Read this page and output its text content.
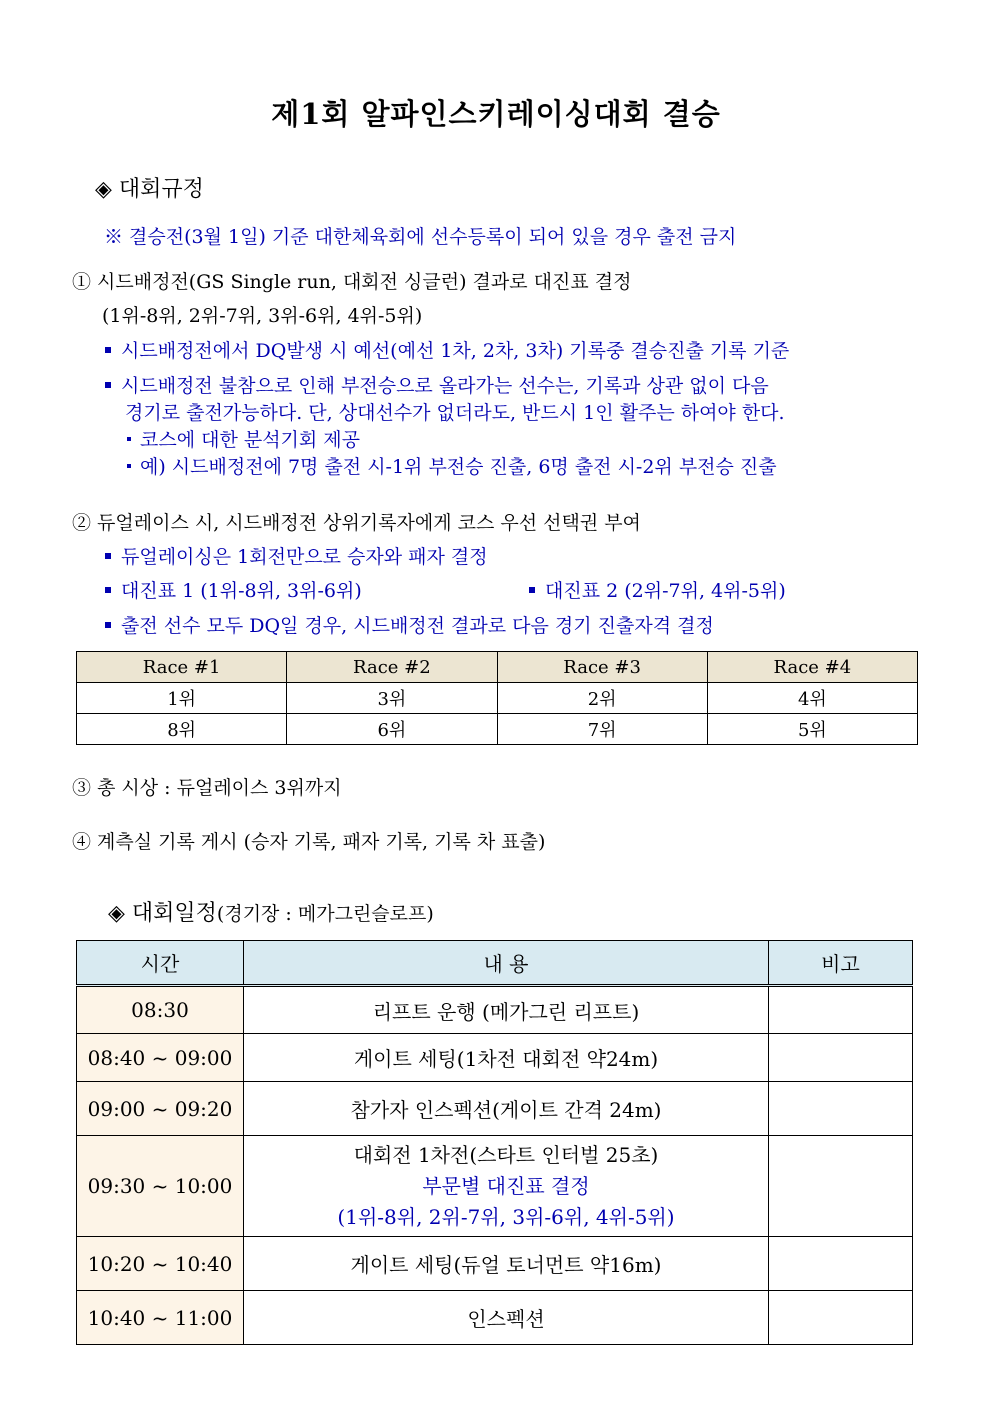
제1회 알파인스키레이싱대회 결승
◈ 대회규정
※ 결승전(3월 1일) 기준 대한체육회에 선수등록이 되어 있을 경우 출전 금지
① 시드배정전(GS Single run, 대회전 싱글런) 결과로 대진표 결정
(1위-8위, 2위-7위, 3위-6위, 4위-5위)
시드배정전에서 DQ발생 시 예선(예선 1차, 2차, 3차) 기록중 결승진출 기록 기준
시드배정전 불참으로 인해 부전승으로 올라가는 선수는, 기록과 상관 없이 다음
경기로 출전가능하다. 단, 상대선수가 없더라도, 반드시 1인 활주는 하여야 한다.
코스에 대한 분석기회 제공
예) 시드배정전에 7명 출전 시-1위 부전승 진출, 6명 출전 시-2위 부전승 진출
② 듀얼레이스 시, 시드배정전 상위기록자에게 코스 우선 선택권 부여
듀얼레이싱은 1회전만으로 승자와 패자 결정
대진표 1 (1위-8위, 3위-6위)	대진표 2 (2위-7위, 4위-5위)
출전 선수 모두 DQ일 경우, 시드배정전 결과로 다음 경기 진출자격 결정
Race #1	Race #2	Race #3	Race #4
1위	3위	2위	4위
8위	6위	7위	5위
③ 총 시상 : 듀얼레이스 3위까지
④ 계측실 기록 게시 (승자 기록, 패자 기록, 기록 차 표출)
◈ 대회일정(경기장 : 메가그린슬로프)
시간	내 용	비고
08:30	리프트 운행 (메가그린 리프트)	
08:40 ~ 09:00	게이트 세팅(1차전 대회전 약24m)	
09:00 ~ 09:20	참가자 인스펙션(게이트 간격 24m)	
09:30 ~ 10:00	대회전 1차전(스타트 인터벌 25초)
부문별 대진표 결정
(1위-8위, 2위-7위, 3위-6위, 4위-5위)	

10:20 ~ 10:40	게이트 세팅(듀얼 토너먼트 약16m)	
10:40 ~ 11:00	인스펙션	
